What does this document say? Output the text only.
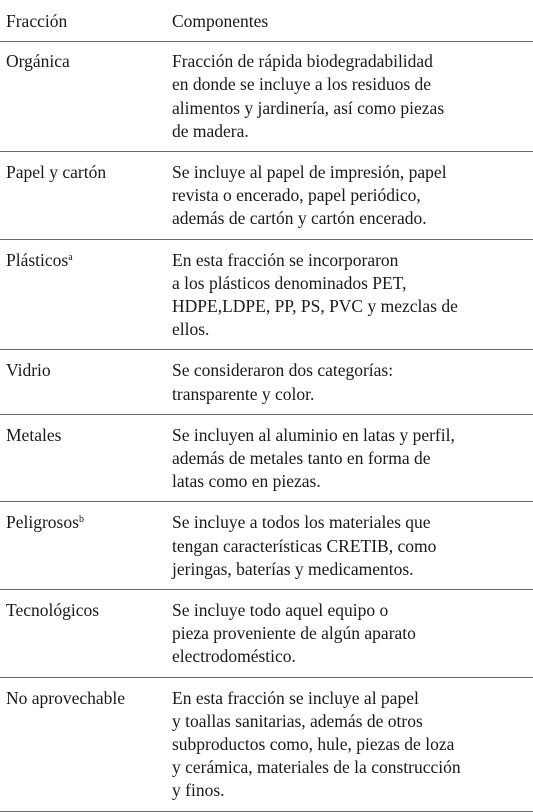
Fracción	Componentes
Orgánica	Fracción de rápida biodegradabilidad
en donde se incluye a los residuos de
alimentos y jardinería, así como piezas
de madera.
Papel y cartón	Se incluye al papel de impresión, papel
revista o encerado, papel periódico,
además de cartón y cartón encerado.
Plásticos$^a$	En esta fracción se incorporaron
a los plásticos denominados PET,
HDPE,LDPE, PP, PS, PVC y mezclas de
ellos.
Vidrio	Se consideraron dos categorías:
transparente y color.
Metales	Se incluyen al aluminio en latas y perfil,
además de metales tanto en forma de
latas como en piezas.
Peligrosos$^b$	Se incluye a todos los materiales que
tengan características CRETIB, como
jeringas, baterías y medicamentos.
Tecnológicos	Se incluye todo aquel equipo o
pieza proveniente de algún aparato
electrodoméstico.
No aprovechable	En esta fracción se incluye al papel
y toallas sanitarias, además de otros
subproductos como, hule, piezas de loza
y cerámica, materiales de la construcción
y finos.
